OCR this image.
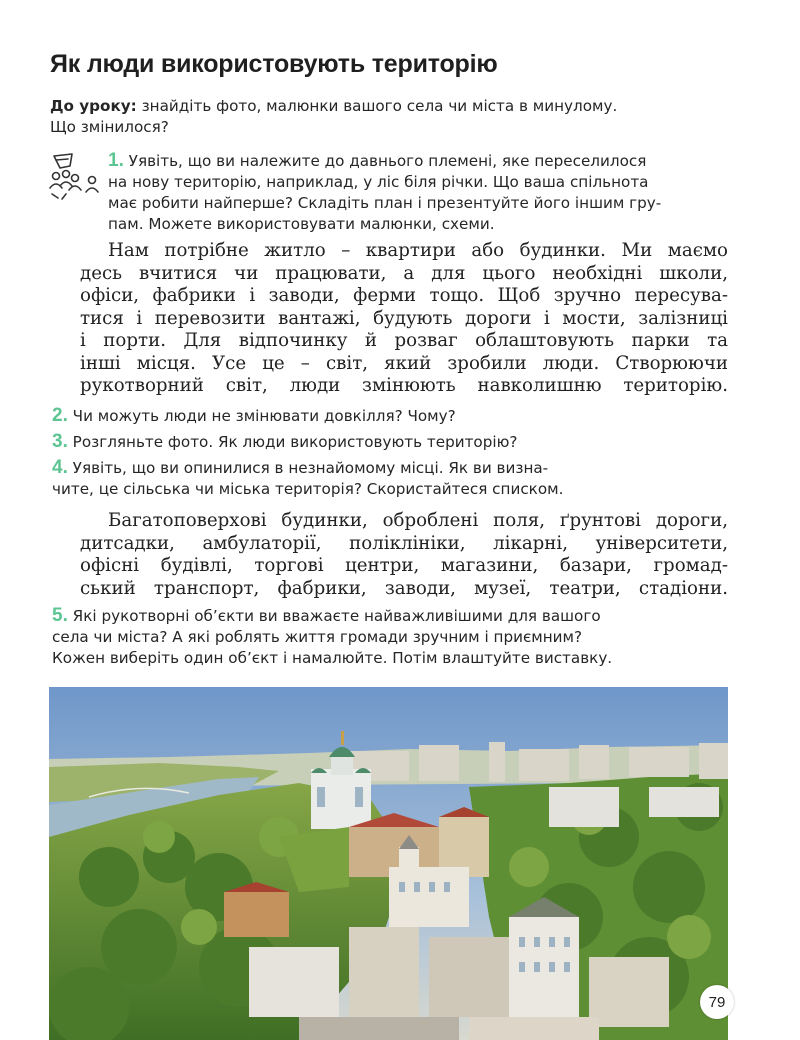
Як люди використовують територію
До уроку: знайдіть фото, малюнки вашого села чи міста в минулому.
Що змінилося?
1. Уявіть, що ви належите до давнього племені, яке переселилося
на нову територію, наприклад, у ліс біля річки. Що ваша спільнота
має робити найперше? Складіть план і презентуйте його іншим гру-
пам. Можете використовувати малюнки, схеми.
Нам потрібне житло – квартири або будинки. Ми маємо
десь вчитися чи працювати, а для цього необхідні школи,
офіси, фабрики і заводи, ферми тощо. Щоб зручно пересува-
тися і перевозити вантажі, будують дороги і мости, залізниці
і порти. Для відпочинку й розваг облаштовують парки та
інші місця. Усе це – світ, який зробили люди. Створюючи
рукотворний світ, люди змінюють навколишню територію.
2. Чи можуть люди не змінювати довкілля? Чому?
3. Розгляньте фото. Як люди використовують територію?
4. Уявіть, що ви опинилися в незнайомому місці. Як ви визна-
чите, це сільська чи міська територія? Скористайтеся списком.
Багатоповерхові будинки, оброблені поля, ґрунтові дороги,
дитсадки, амбулаторії, поліклініки, лікарні, університети,
офісні будівлі, торгові центри, магазини, базари, громад-
ський транспорт, фабрики, заводи, музеї, театри, стадіони.
5. Які рукотворні об’єкти ви вважаєте найважливішими для вашого
села чи міста? А які роблять життя громади зручним і приємним?
Кожен виберіть один об’єкт і намалюйте. Потім влаштуйте виставку.
79
